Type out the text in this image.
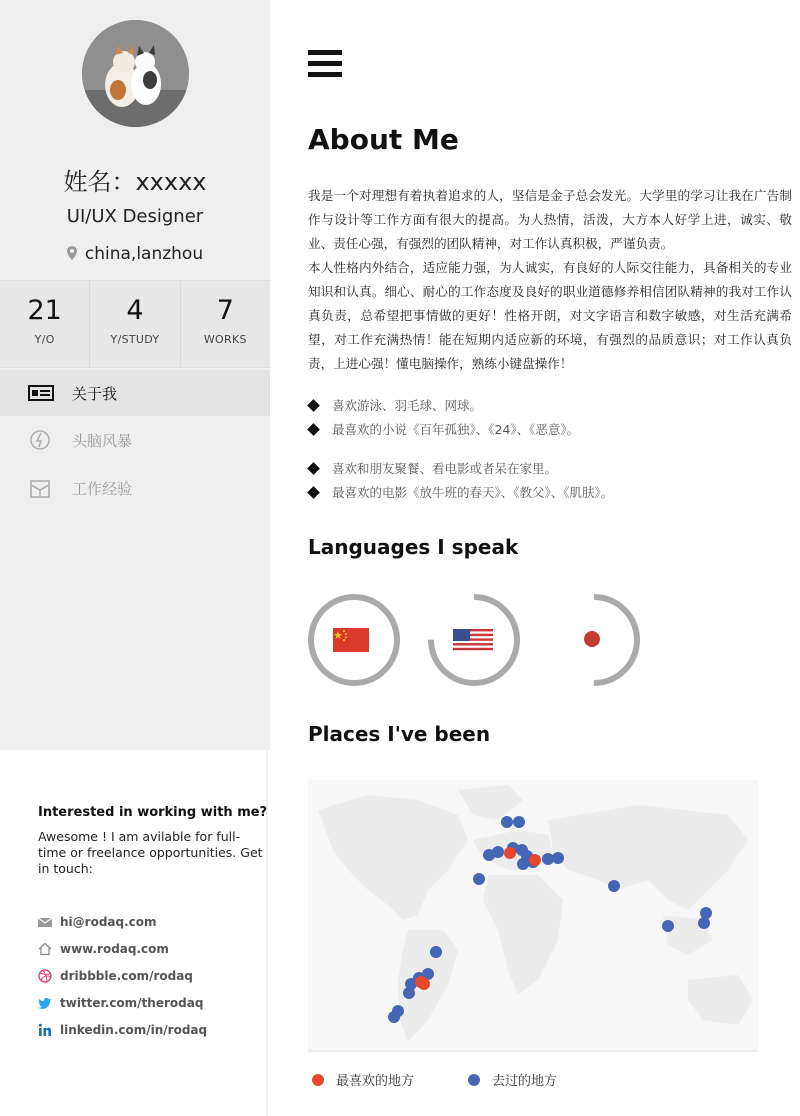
姓名：xxxxx
UI/UX Designer
china,lanzhou
21
Y/O
4
Y/STUDY
7
WORKS
关于我
头脑风暴
工作经验
Interested in working with me?
Awesome ! I am avilable for full-time or freelance opportunities. Get in touch:
hi@rodaq.com
www.rodaq.com
dribbble.com/rodaq
twitter.com/therodaq
linkedin.com/in/rodaq
About Me
我是一个对理想有着执着追求的人，坚信是金子总会发光。大学里的学习让我在广告制作与设计等工作方面有很大的提高。为人热情，活泼，大方本人好学上进，诚实、敬业、责任心强，有强烈的团队精神，对工作认真积极，严谨负责。
本人性格内外结合，适应能力强，为人诚实，有良好的人际交往能力，具备相关的专业知识和认真。细心、耐心的工作态度及良好的职业道德修养相信团队精神的我对工作认真负责，总希望把事情做的更好！性格开朗，对文字语言和数字敏感，对生活充满希望，对工作充满热情！能在短期内适应新的环境，有强烈的品质意识；对工作认真负责，上进心强！懂电脑操作，熟练小键盘操作！
喜欢游泳、羽毛球、网球。
最喜欢的小说《百年孤独》、《24》、《恶意》。
喜欢和朋友聚餐、看电影或者呆在家里。
最喜欢的电影《放牛班的春天》、《教父》、《肌肤》。
Languages I speak
Places I've been
最喜欢的地方	去过的地方
